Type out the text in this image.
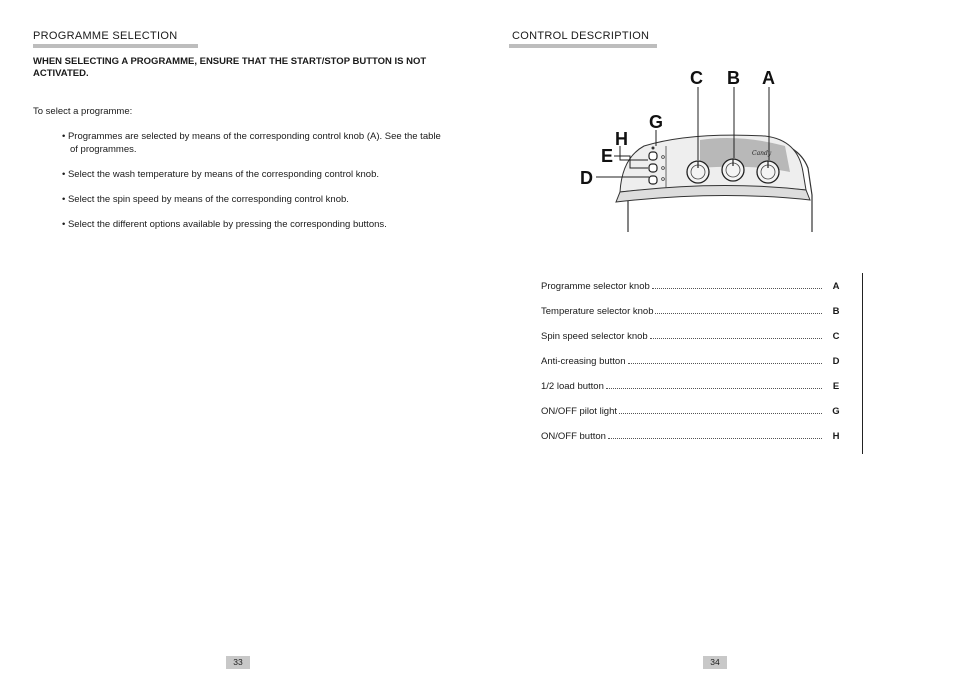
PROGRAMME SELECTION
WHEN SELECTING A PROGRAMME, ENSURE THAT THE START/STOP BUTTON IS NOT ACTIVATED.
To select a programme:
• Programmes are selected by means of the corresponding control knob (A). See the table of programmes.
• Select the wash temperature by means of the corresponding control knob.
• Select the spin speed by means of the corresponding control knob.
• Select the different options available by pressing the corresponding buttons.
33
CONTROL DESCRIPTION
Candy
C B A
G
H
E
D
Programme selector knob	A
Temperature selector knob	B
Spin speed selector knob	C
Anti-creasing button	D
1/2 load button	E
ON/OFF pilot light	G
ON/OFF button	H
34
